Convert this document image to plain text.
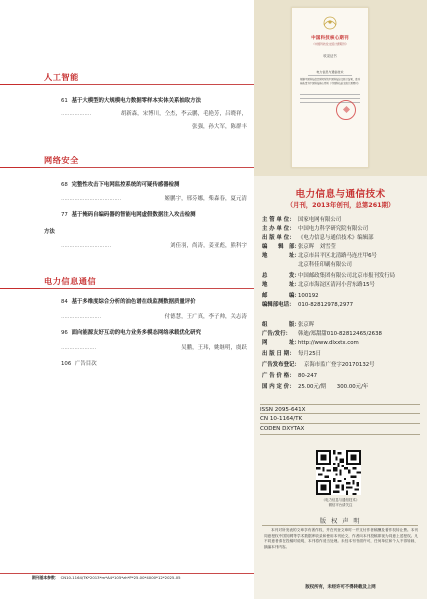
人工智能
61 基于大模型的大规模电力数据零样本实体关系抽取方法
………………	胡新森，宋博川，仝杰，李云鹏，毛艳芳，吕晓祥，
张强，孙大军，陈群丰
网络安全
68 完整性攻击下电网监控系统的可疑传感器检测
………………………………	姬鹏宇，邢芬娜，柴森春，夏元清
77 基于掩码自编码器的智能电网虚假数据注入攻击检测
方法
…………………………	刘佳羽，尚涛，姜亚彪，熊科宇
电力信息通信
84 基于多维度综合分析的油色谱在线监测数据质量评价
……………………	付德慧，王广真，李子帅，关志涛
96 面向能源友好互动的电力业务多模态网络承载优化研究
…………………	吴鹏，王玮，姚继明，虞跃
106 广告目次
期刊基本参数： CN10-1164/TK*2013*m*A4*105*zh*P*25.00*4000*12*2025-05
中国科技核心期刊
（中国科技论文统计源期刊）
收录证书
电力信息与通信技术
根据中国科技信息研究所的中国科技论文统计结果，贵刊被收录为中国科技核心期刊（中国科技论文统计源期刊）
电力信息与通信技术
（月刊，2013年创刊，总第261期）
主 管 单 位： 国家电网有限公司
主 办 单 位： 中国电力科学研究院有限公司
出 版 单 位： 《电力信息与通信技术》编辑部
编　　辑　部：
张京晖　刘雪莹
地　　　　址：
北京市昌平区北清路马连庄甲6号
北京科佳印刷有限公司
总　　　　发：
中国邮政集团有限公司北京市报刊发行局
地　　　　址：
北京市海淀区清河小营东路15号
邮　　　　编：
100192
编辑部电话： 010-82812978,2977
组　　　　版：
张京晖
广告/发行： 韩迪/郑甜甜010-82812465/2638
网　　　　址：
http://www.dlxxtx.com
出 版 日 期： 每月25日
广告发布登记： 京海市监广登字20170132号
广 告 价 格： 80-247
国 内 定 价： 25.00元/期　　300.00元/年
ISSN 2095-641X
CN 10-1164/TK
CODEN DXYTAX
《电力信息与通信技术》
微信平台请关注
版 权 声 明
本刊对所发表的文章享有著作权，并在刊登文章时一并支付作者稿酬及著作权转让费。本刊同意授权中国知网等学术数据库收录和使用本刊论文，作者向本刊投稿即视为同意上述授权。凡不同意者请在投稿时说明，本刊将作适当处理。未经本刊书面许可，任何单位和个人不得转载、摘编本刊内容。
版权所有，未经许可不得转载及上网
